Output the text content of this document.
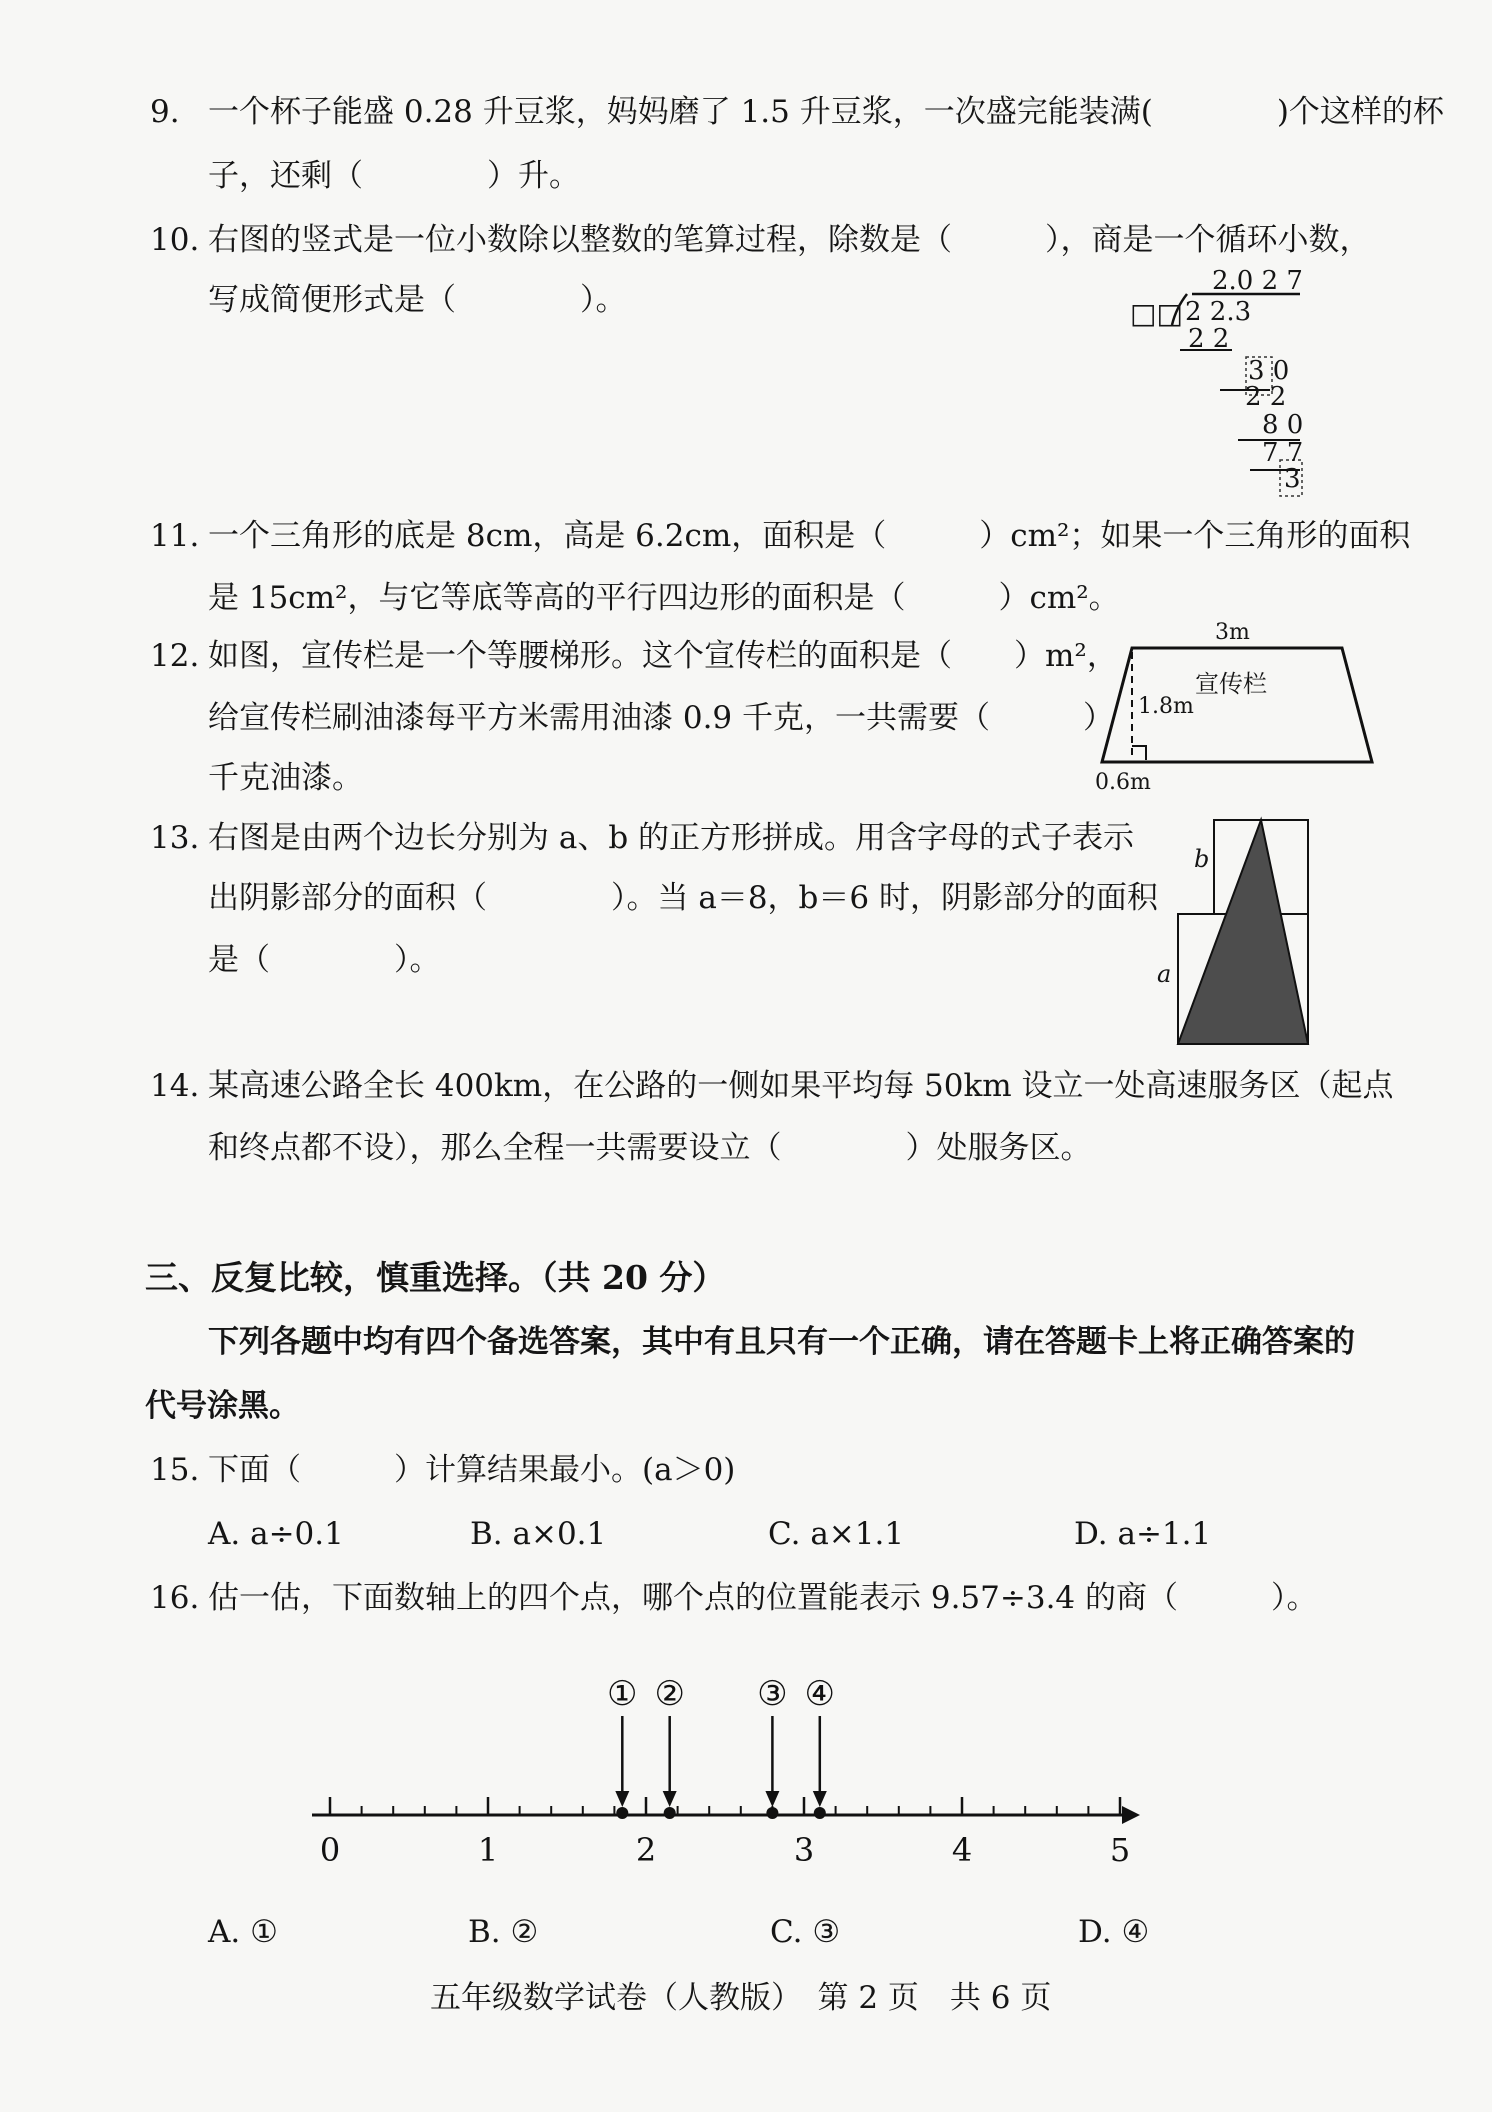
9. 一个杯子能盛 0.28 升豆浆，妈妈磨了 1.5 升豆浆，一次盛完能装满(　　　　)个这样的杯
子，还剩（　　　　）升。
10. 右图的竖式是一位小数除以整数的笔算过程，除数是（　　　），商是一个循环小数，
写成简便形式是（　　　　）。
2.0 2 7
□□ 2 2.3
2 2
3 0
2 2
8 0
7 7
3
11. 一个三角形的底是 8cm，高是 6.2cm，面积是（　　　）cm²；如果一个三角形的面积
是 15cm²，与它等底等高的平行四边形的面积是（　　　）cm²。
12. 如图，宣传栏是一个等腰梯形。这个宣传栏的面积是（　　）m²，
给宣传栏刷油漆每平方米需用油漆 0.9 千克，一共需要（　　　）
千克油漆。
3m
宣传栏
1.8m
0.6m
13. 右图是由两个边长分别为 a、b 的正方形拼成。用含字母的式子表示
出阴影部分的面积（　　　　）。当 a＝8，b＝6 时，阴影部分的面积
是（　　　　）。
b
a
14. 某高速公路全长 400km，在公路的一侧如果平均每 50km 设立一处高速服务区（起点
和终点都不设），那么全程一共需要设立（　　　　）处服务区。
三、反复比较，慎重选择。（共 20 分）
下列各题中均有四个备选答案，其中有且只有一个正确，请在答题卡上将正确答案的
代号涂黑。
15. 下面（　　　）计算结果最小。(a＞0)
A. a÷0.1	B. a×0.1	C. a×1.1	D. a÷1.1
16. 估一估，下面数轴上的四个点，哪个点的位置能表示 9.57÷3.4 的商（　　　）。
0	1	2	3	4	5
① ② ③ ④
A. ①	B. ②	C. ③	D. ④
五年级数学试卷（人教版）　第 2 页　共 6 页
